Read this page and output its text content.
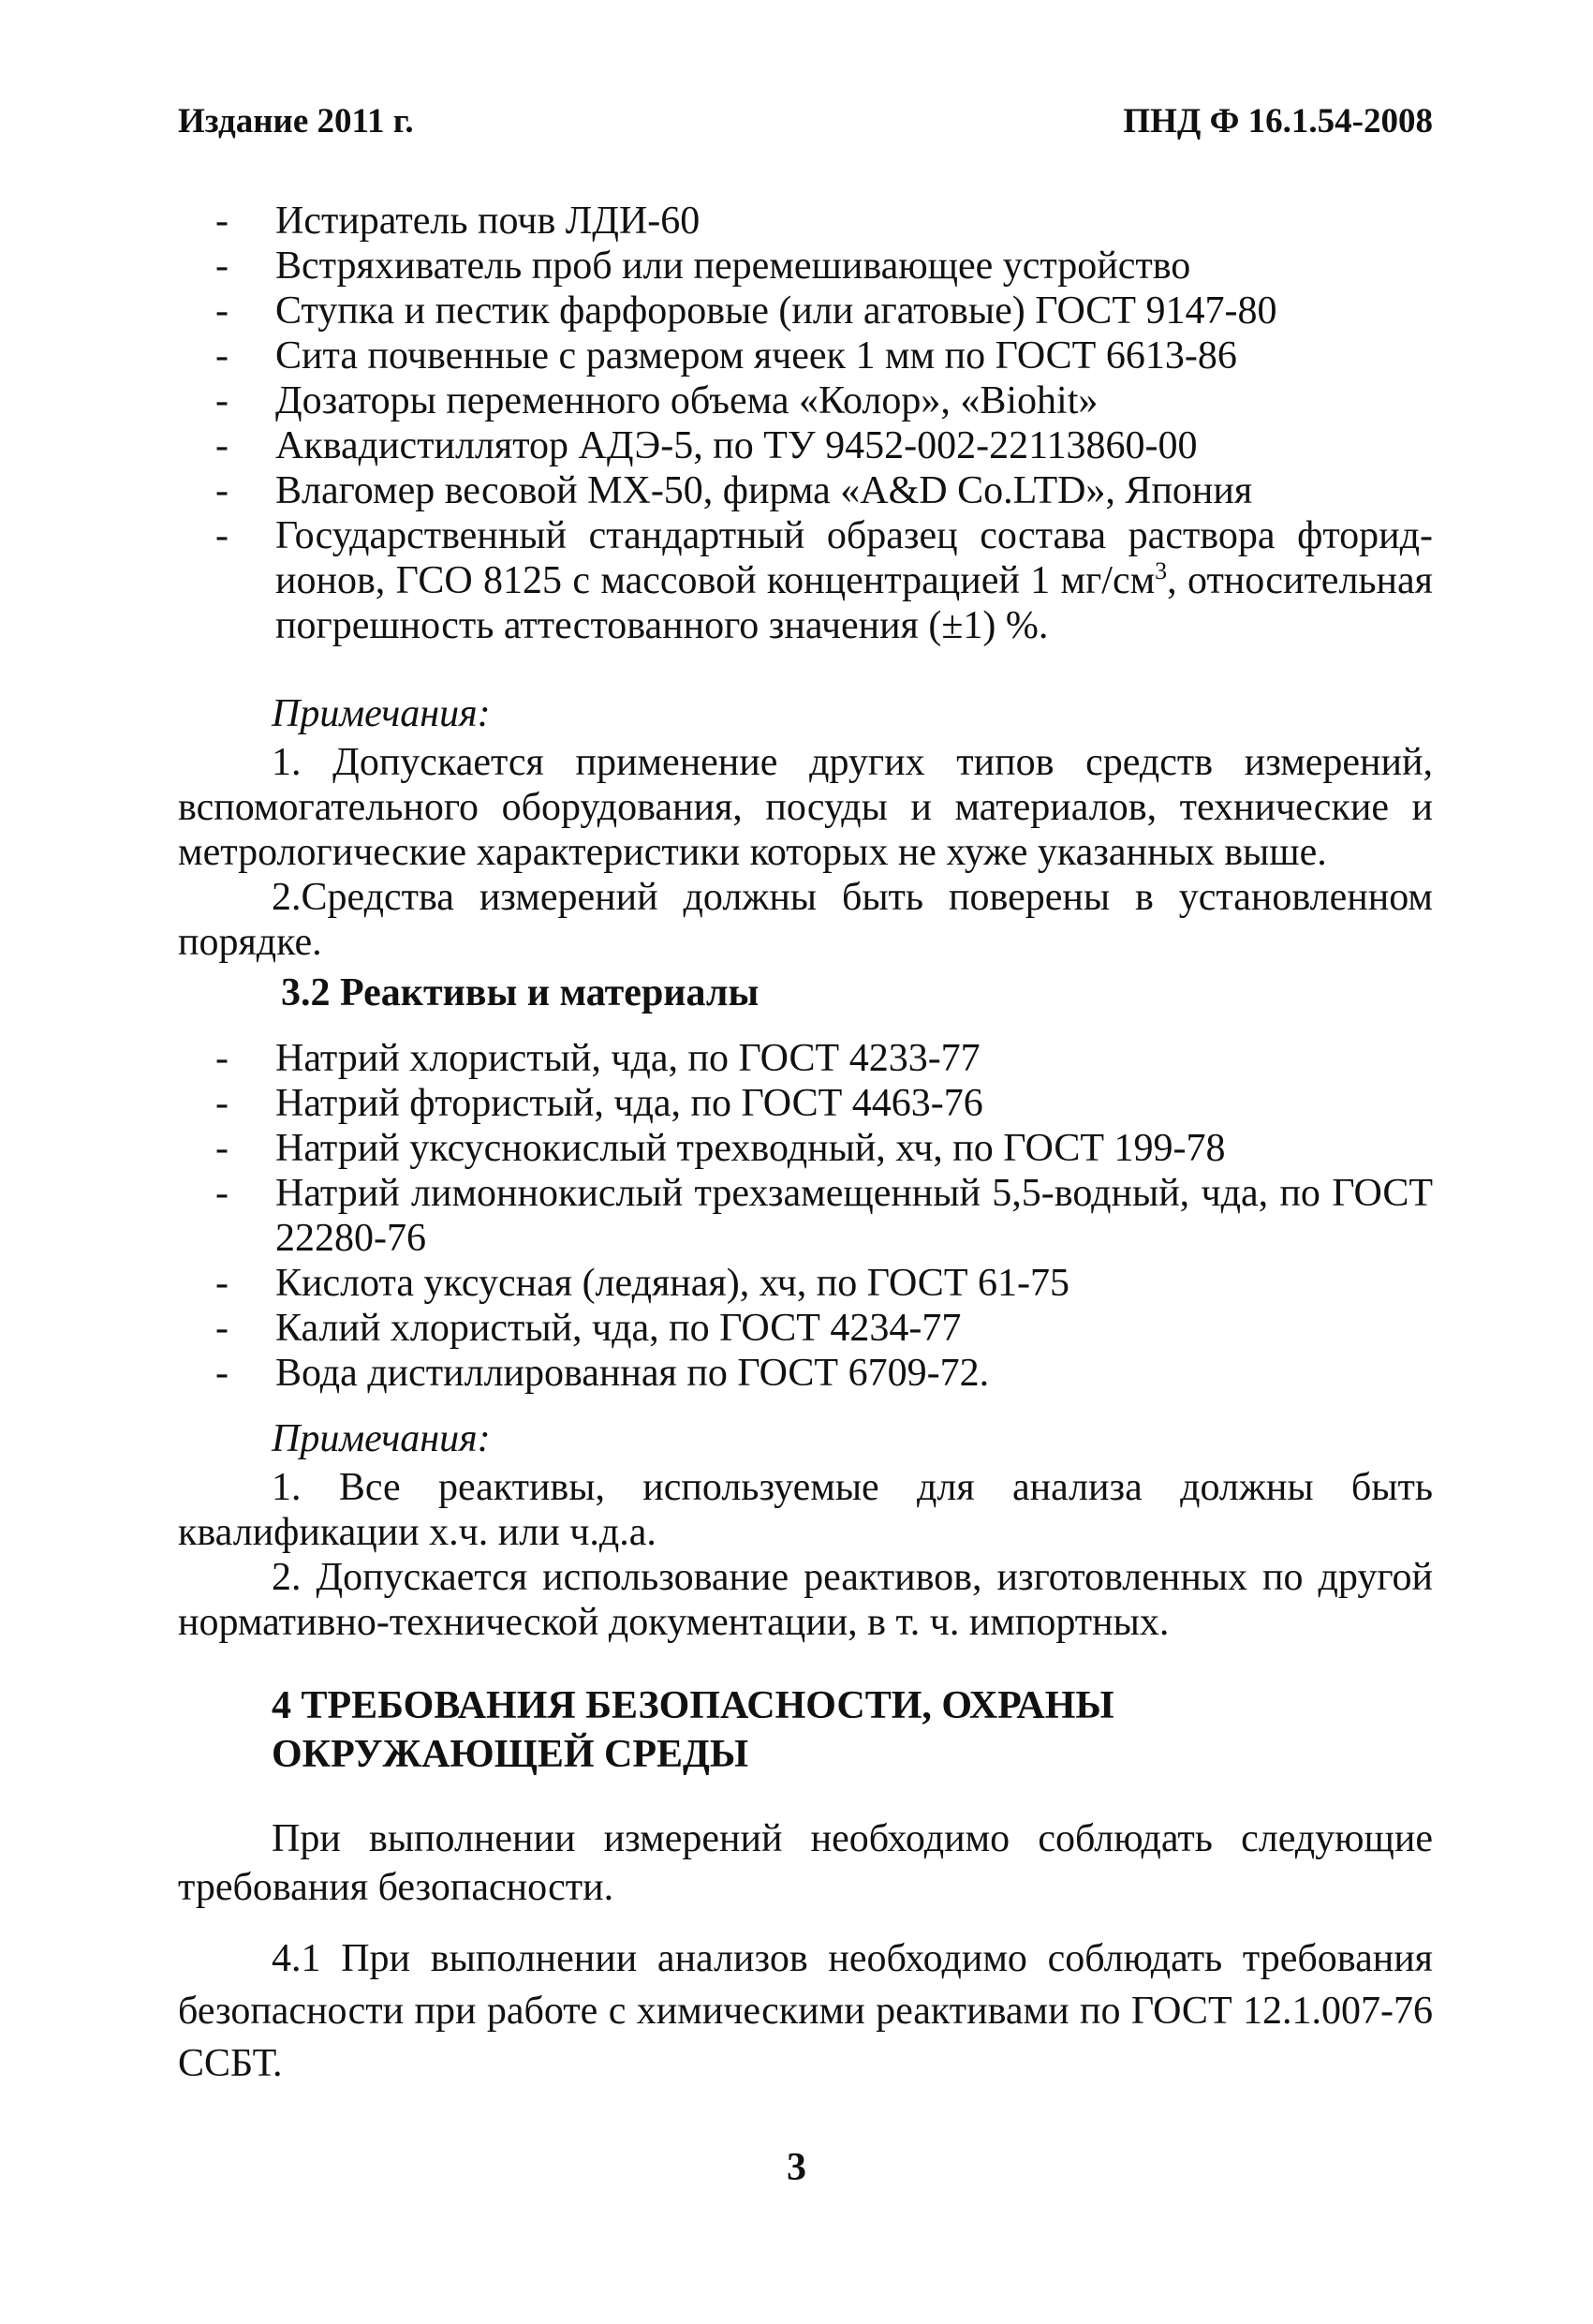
Издание 2011 г.	ПНД Ф 16.1.54-2008
- Истиратель почв ЛДИ-60
- Встряхиватель проб или перемешивающее устройство
- Ступка и пестик фарфоровые (или агатовые) ГОСТ 9147-80
- Сита почвенные с размером ячеек 1 мм по ГОСТ 6613-86
- Дозаторы переменного объема «Колор», «Biohit»
- Аквадистиллятор АДЭ-5, по ТУ 9452-002-22113860-00
- Влагомер весовой МХ-50, фирма «A&D Co.LTD», Япония
- Государственный стандартный образец состава раствора фторид-ионов, ГСО 8125 с массовой концентрацией 1 $мг/см^3$, относительная погрешность аттестованного значения (±1) %.

Примечания:

1. Допускается применение других типов средств измерений, вспомогательного оборудования, посуды и материалов, технические и метрологические характеристики которых не хуже указанных выше.

2.Средства измерений должны быть поверены в установленном порядке.

3.2 Реактивы и материалы

- Натрий хлористый, чда, по ГОСТ 4233-77
- Натрий фтористый, чда, по ГОСТ 4463-76
- Натрий уксуснокислый трехводный, хч, по ГОСТ 199-78
- Натрий лимоннокислый трехзамещенный 5,5-водный, чда, по ГОСТ 22280-76
- Кислота уксусная (ледяная), хч, по ГОСТ 61-75
- Калий хлористый, чда, по ГОСТ 4234-77
- Вода дистиллированная по ГОСТ 6709-72.

Примечания:

1. Все реактивы, используемые для анализа должны быть квалификации х.ч. или ч.д.а.

2. Допускается использование реактивов, изготовленных по другой нормативно-технической документации, в т. ч. импортных.

4 ТРЕБОВАНИЯ БЕЗОПАСНОСТИ, ОХРАНЫ

ОКРУЖАЮЩЕЙ СРЕДЫ

При выполнении измерений необходимо соблюдать следующие требования безопасности.

4.1 При выполнении анализов необходимо соблюдать требования безопасности при работе с химическими реактивами по ГОСТ 12.1.007-76 ССБТ.

3
